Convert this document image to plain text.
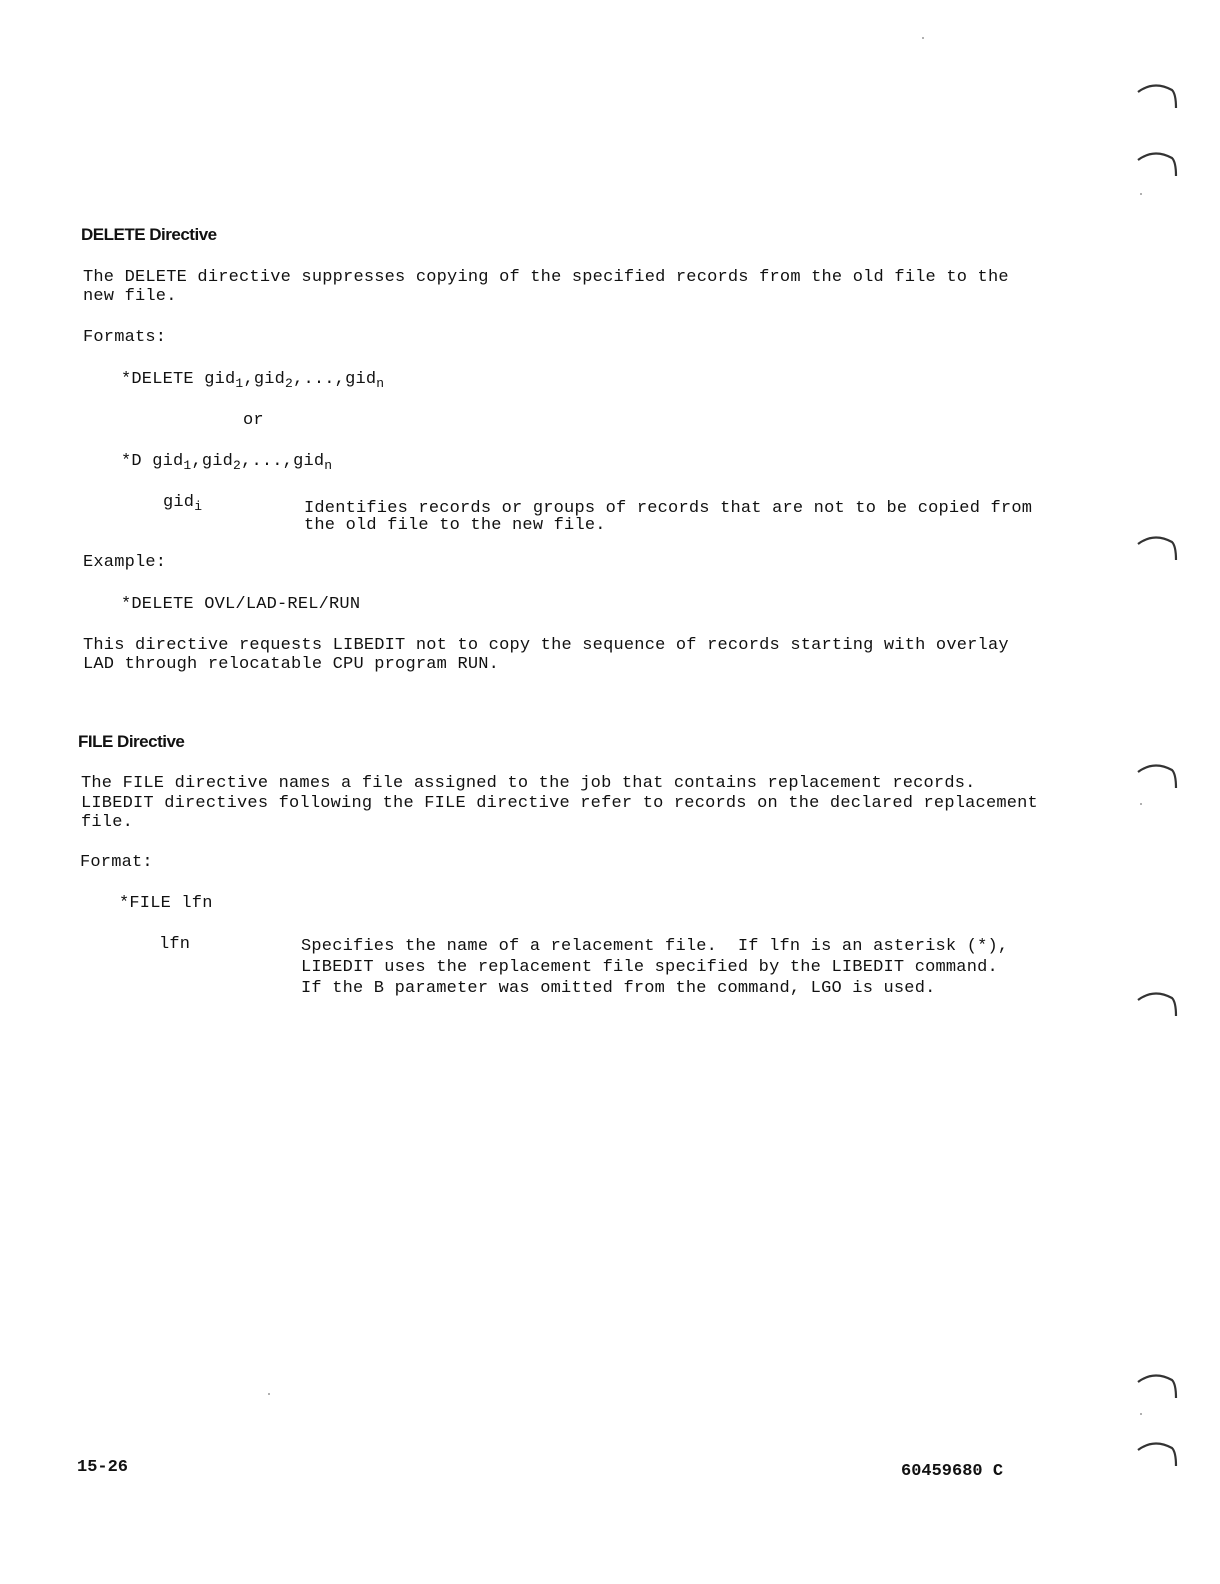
DELETE Directive
The DELETE directive suppresses copying of the specified records from the old file to the
new file.
Formats:
*DELETE gid$_1$,gid$_2$,...,gid$_n$
or
*D gid$_1$,gid$_2$,...,gid$_n$
gid$_i$	Identifies records or groups of records that are not to be copied from
the old file to the new file.
Example:
*DELETE OVL/LAD-REL/RUN
This directive requests LIBEDIT not to copy the sequence of records starting with overlay
LAD through relocatable CPU program RUN.
FILE Directive
The FILE directive names a file assigned to the job that contains replacement records.
LIBEDIT directives following the FILE directive refer to records on the declared replacement
file.
Format:
*FILE lfn
lfn	Specifies the name of a relacement file.  If lfn is an asterisk (*),
LIBEDIT uses the replacement file specified by the LIBEDIT command.
If the B parameter was omitted from the command, LGO is used.
15-26	60459680 C
